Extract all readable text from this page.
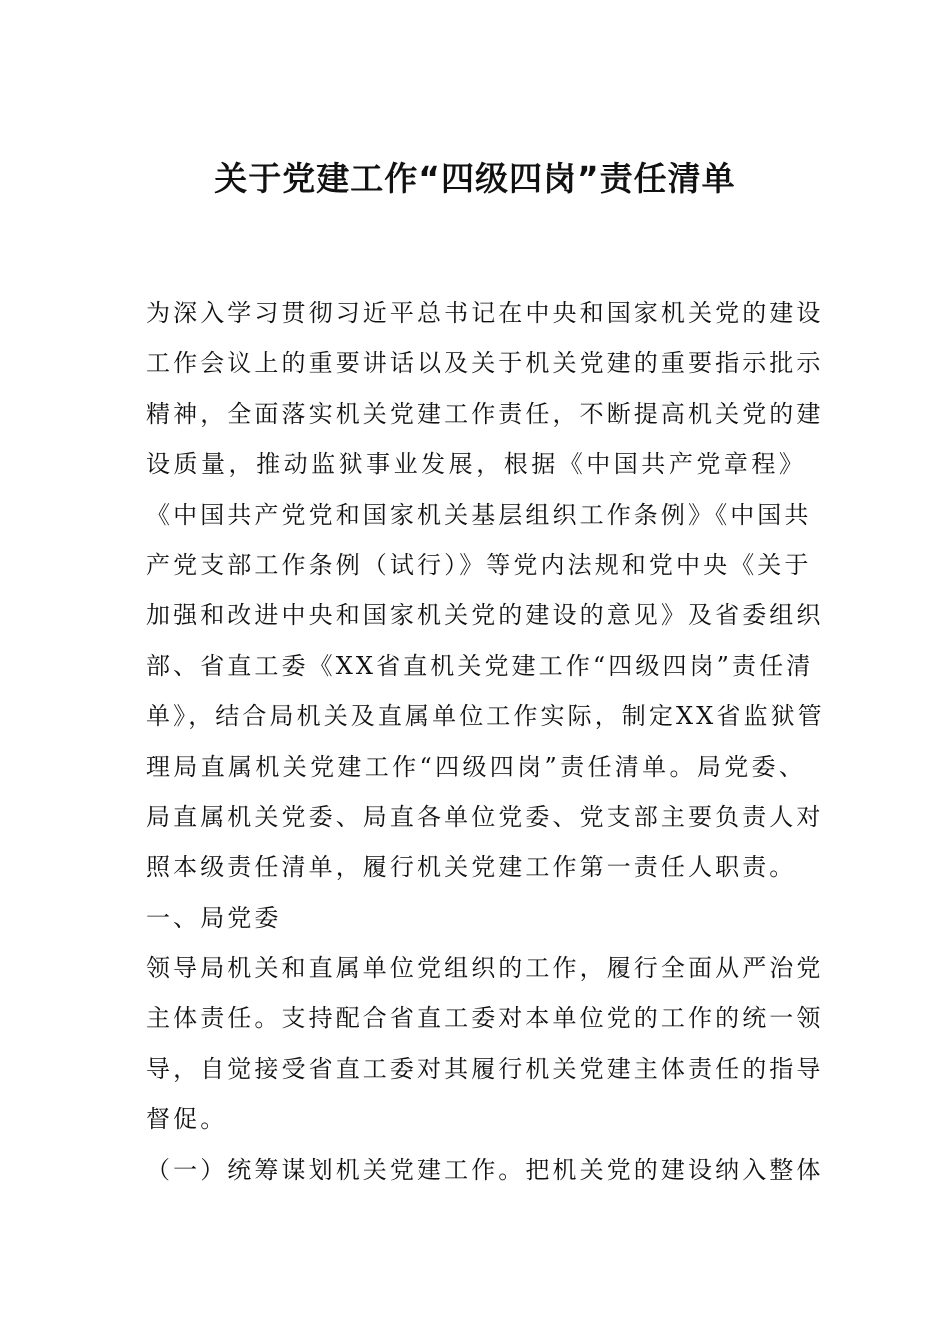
关于党建工作“四级四岗”责任清单
为深入学习贯彻习近平总书记在中央和国家机关党的建设
工作会议上的重要讲话以及关于机关党建的重要指示批示
精神，全面落实机关党建工作责任，不断提高机关党的建
设质量，推动监狱事业发展，根据《中国共产党章程》
《中国共产党党和国家机关基层组织工作条例》《中国共
产党支部工作条例（试行）》等党内法规和党中央《关于
加强和改进中央和国家机关党的建设的意见》及省委组织
部、省直工委《XX省直机关党建工作“四级四岗”责任清
单》，结合局机关及直属单位工作实际，制定XX省监狱管
理局直属机关党建工作“四级四岗”责任清单。局党委、
局直属机关党委、局直各单位党委、党支部主要负责人对
照本级责任清单，履行机关党建工作第一责任人职责。
一、局党委
领导局机关和直属单位党组织的工作，履行全面从严治党
主体责任。支持配合省直工委对本单位党的工作的统一领
导，自觉接受省直工委对其履行机关党建主体责任的指导
督促。
（一）统筹谋划机关党建工作。把机关党的建设纳入整体
